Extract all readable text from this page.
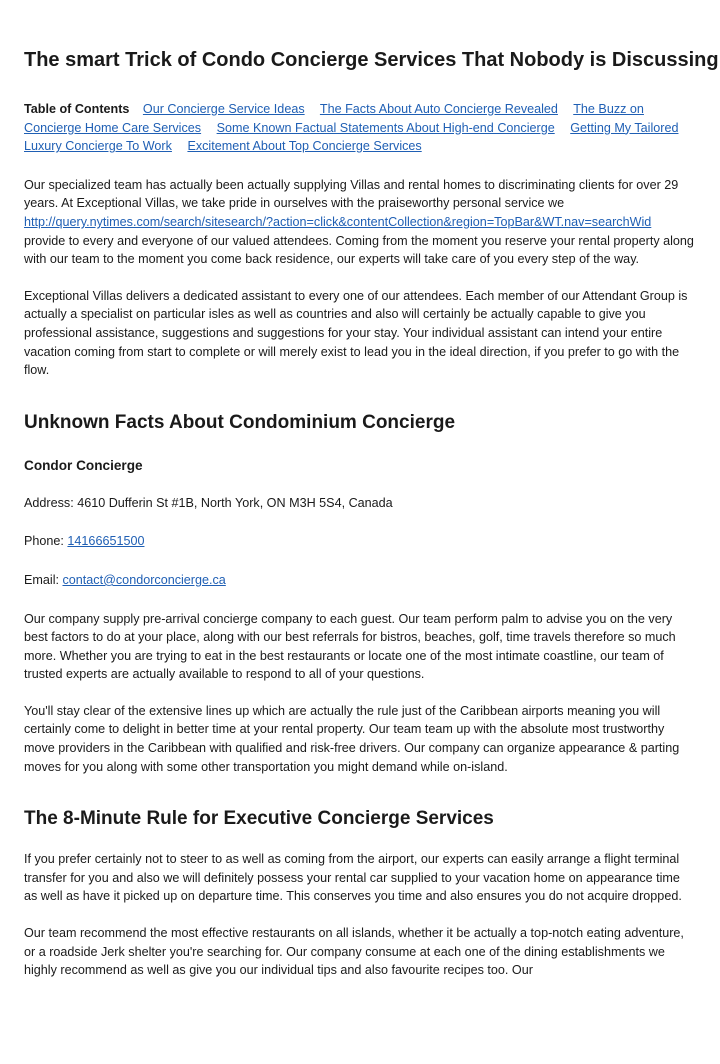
The smart Trick of Condo Concierge Services That Nobody is Discussing
Table of Contents Our Concierge Service Ideas The Facts About Auto Concierge Revealed The Buzz on Concierge Home Care Services Some Known Factual Statements About High-end Concierge Getting My Tailored Luxury Concierge To Work Excitement About Top Concierge Services

Our specialized team has actually been actually supplying Villas and rental homes to discriminating clients for over 29 years. At Exceptional Villas, we take pride in ourselves with the praiseworthy personal service we
http://query.nytimes.com/search/sitesearch/?action=click&contentCollection&region=TopBar&WT.nav=searchWid
provide to every and everyone of our valued attendees. Coming from the moment you reserve your rental property along with our team to the moment you come back residence, our experts will take care of you every step of the way.

Exceptional Villas delivers a dedicated assistant to every one of our attendees. Each member of our Attendant Group is actually a specialist on particular isles as well as countries and also will certainly be actually capable to give you professional assistance, suggestions and suggestions for your stay. Your individual assistant can intend your entire vacation coming from start to complete or will merely exist to lead you in the ideal direction, if you prefer to go with the flow.

Unknown Facts About Condominium Concierge
Condor Concierge
Address: 4610 Dufferin St #1B, North York, ON M3H 5S4, Canada
Phone: 14166651500
Email: contact@condorconcierge.ca

Our company supply pre-arrival concierge company to each guest. Our team perform palm to advise you on the very best factors to do at your place, along with our best referrals for bistros, beaches, golf, time travels therefore so much more. Whether you are trying to eat in the best restaurants or locate one of the most intimate coastline, our team of trusted experts are actually available to respond to all of your questions.

You'll stay clear of the extensive lines up which are actually the rule just of the Caribbean airports meaning you will certainly come to delight in better time at your rental property. Our team team up with the absolute most trustworthy move providers in the Caribbean with qualified and risk-free drivers. Our company can organize appearance & parting moves for you along with some other transportation you might demand while on-island.

The 8-Minute Rule for Executive Concierge Services

If you prefer certainly not to steer to as well as coming from the airport, our experts can easily arrange a flight terminal transfer for you and also we will definitely possess your rental car supplied to your vacation home on appearance time as well as have it picked up on departure time. This conserves you time and also ensures you do not acquire dropped.

Our team recommend the most effective restaurants on all islands, whether it be actually a top-notch eating adventure, or a roadside Jerk shelter you're searching for. Our company consume at each one of the dining establishments we highly recommend as well as give you our individual tips and also favourite recipes too. Our
